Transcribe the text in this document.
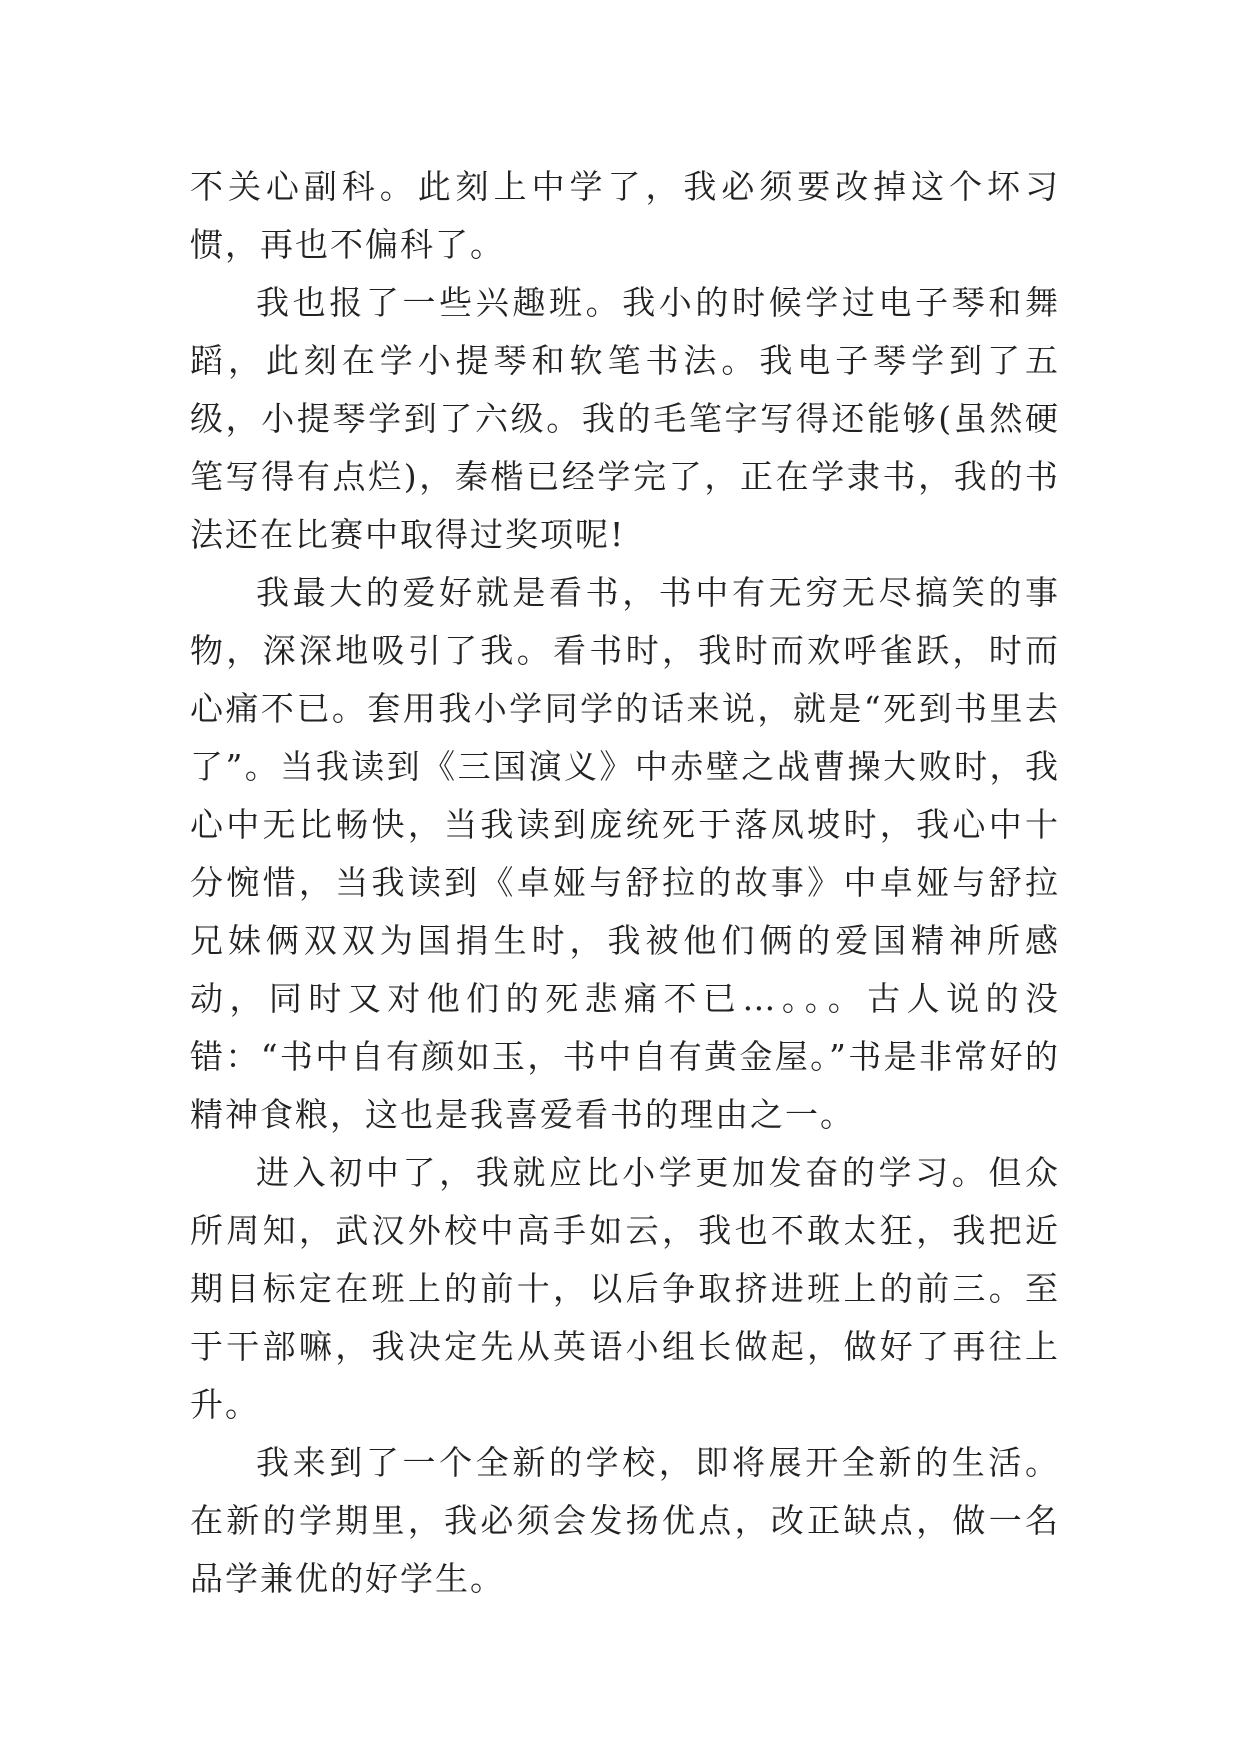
不关心副科。此刻上中学了，我必须要改掉这个坏习惯，再也不偏科了。

我也报了一些兴趣班。我小的时候学过电子琴和舞蹈，此刻在学小提琴和软笔书法。我电子琴学到了五级，小提琴学到了六级。我的毛笔字写得还能够(虽然硬笔写得有点烂)，秦楷已经学完了，正在学隶书，我的书法还在比赛中取得过奖项呢!

我最大的爱好就是看书，书中有无穷无尽搞笑的事物，深深地吸引了我。看书时，我时而欢呼雀跃，时而心痛不已。套用我小学同学的话来说，就是“死到书里去了”。当我读到《三国演义》中赤壁之战曹操大败时，我心中无比畅快，当我读到庞统死于落凤坡时，我心中十分惋惜，当我读到《卓娅与舒拉的故事》中卓娅与舒拉兄妹俩双双为国捐生时，我被他们俩的爱国精神所感动，同时又对他们的死悲痛不已…。。。古人说的没错：“书中自有颜如玉，书中自有黄金屋。”书是非常好的精神食粮，这也是我喜爱看书的理由之一。

进入初中了，我就应比小学更加发奋的学习。但众所周知，武汉外校中高手如云，我也不敢太狂，我把近期目标定在班上的前十，以后争取挤进班上的前三。至于干部嘛，我决定先从英语小组长做起，做好了再往上升。

我来到了一个全新的学校，即将展开全新的生活。在新的学期里，我必须会发扬优点，改正缺点，做一名品学兼优的好学生。
